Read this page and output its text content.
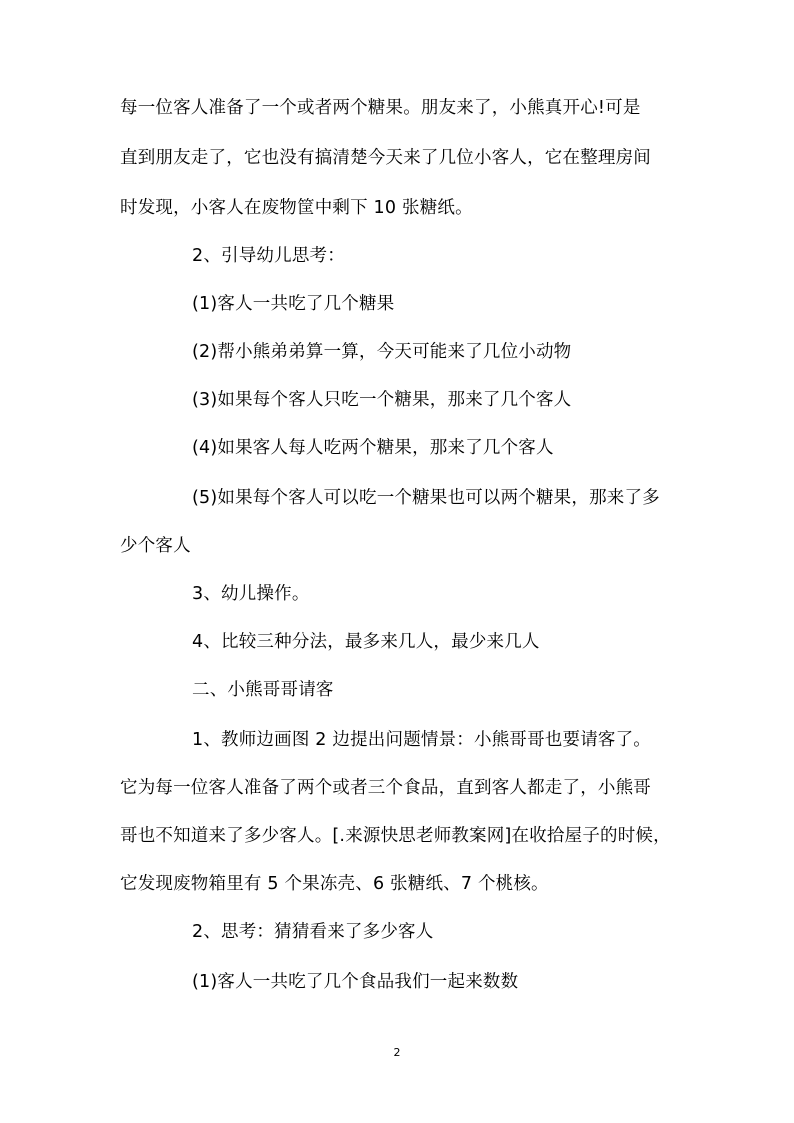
每一位客人准备了一个或者两个糖果。朋友来了，小熊真开心!可是
直到朋友走了，它也没有搞清楚今天来了几位小客人，它在整理房间
时发现，小客人在废物筐中剩下 10 张糖纸。
2、引导幼儿思考：
(1)客人一共吃了几个糖果
(2)帮小熊弟弟算一算，今天可能来了几位小动物
(3)如果每个客人只吃一个糖果，那来了几个客人
(4)如果客人每人吃两个糖果，那来了几个客人
(5)如果每个客人可以吃一个糖果也可以两个糖果，那来了多
少个客人
3、幼儿操作。
4、比较三种分法，最多来几人，最少来几人
二、小熊哥哥请客
1、教师边画图 2 边提出问题情景：小熊哥哥也要请客了。
它为每一位客人准备了两个或者三个食品，直到客人都走了，小熊哥
哥也不知道来了多少客人。[.来源快思老师教案网]在收拾屋子的时候，
它发现废物箱里有 5 个果冻壳、6 张糖纸、7 个桃核。
2、思考：猜猜看来了多少客人
(1)客人一共吃了几个食品我们一起来数数
2
